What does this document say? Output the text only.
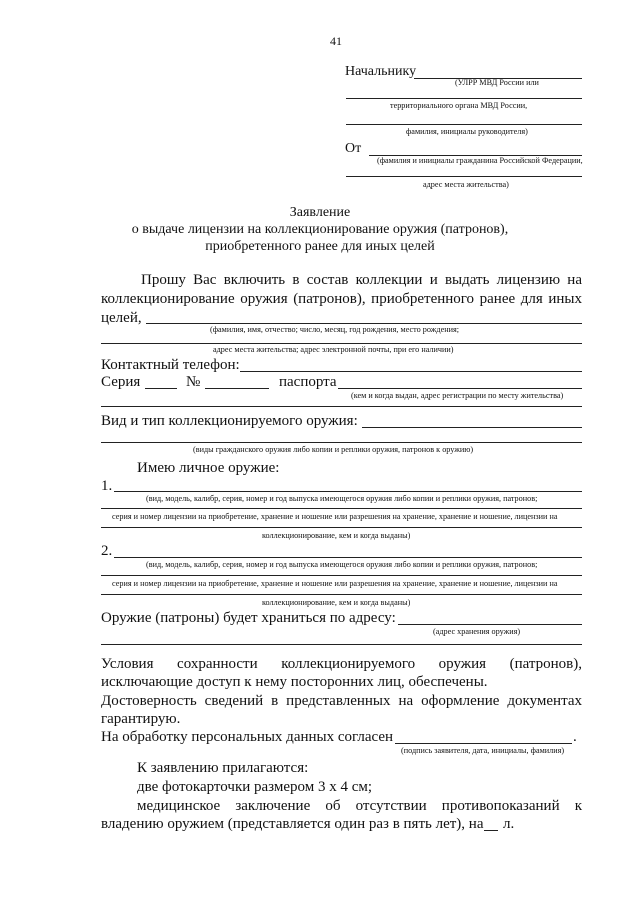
41
Начальнику
(УЛРР МВД России или
территориального органа МВД России,
фамилия, инициалы руководителя)
От
(фамилия и инициалы гражданина Российской Федерации,
адрес места жительства)
Заявление
о выдаче лицензии на коллекционирование оружия (патронов),
приобретенного ранее для иных целей
Прошу Вас включить в состав коллекции и выдать лицензию на
коллекционирование оружия (патронов), приобретенного ранее для иных
целей,
(фамилия, имя, отчество; число, месяц, год рождения, место рождения;
адрес места жительства; адрес электронной почты, при его наличии)
Контактный телефон:
Серия	№	паспорта
(кем и когда выдан, адрес регистрации по месту жительства)
Вид и тип коллекционируемого оружия:
(виды гражданского оружия либо копии и реплики оружия, патронов к оружию)
Имею личное оружие:
1.
(вид, модель, калибр, серия, номер и год выпуска имеющегося оружия либо копии и реплики оружия, патронов;
серия и номер лицензии на приобретение, хранение и ношение или разрешения на хранение, хранение и ношение, лицензии на
коллекционирование, кем и когда выданы)
2.
(вид, модель, калибр, серия, номер и год выпуска имеющегося оружия либо копии и реплики оружия, патронов;
серия и номер лицензии на приобретение, хранение и ношение или разрешения на хранение, хранение и ношение, лицензии на
коллекционирование, кем и когда выданы)
Оружие (патроны) будет храниться по адресу:
(адрес хранения оружия)
Условия сохранности коллекционируемого оружия (патронов),
исключающие доступ к нему посторонних лиц, обеспечены.
Достоверность сведений в представленных на оформление документах
гарантирую.
На обработку персональных данных согласен	.
(подпись заявителя, дата, инициалы, фамилия)
К заявлению прилагаются:
две фотокарточки размером 3 х 4 см;
медицинское заключение об отсутствии противопоказаний к
владению оружием (представляется один раз в пять лет), на л.
